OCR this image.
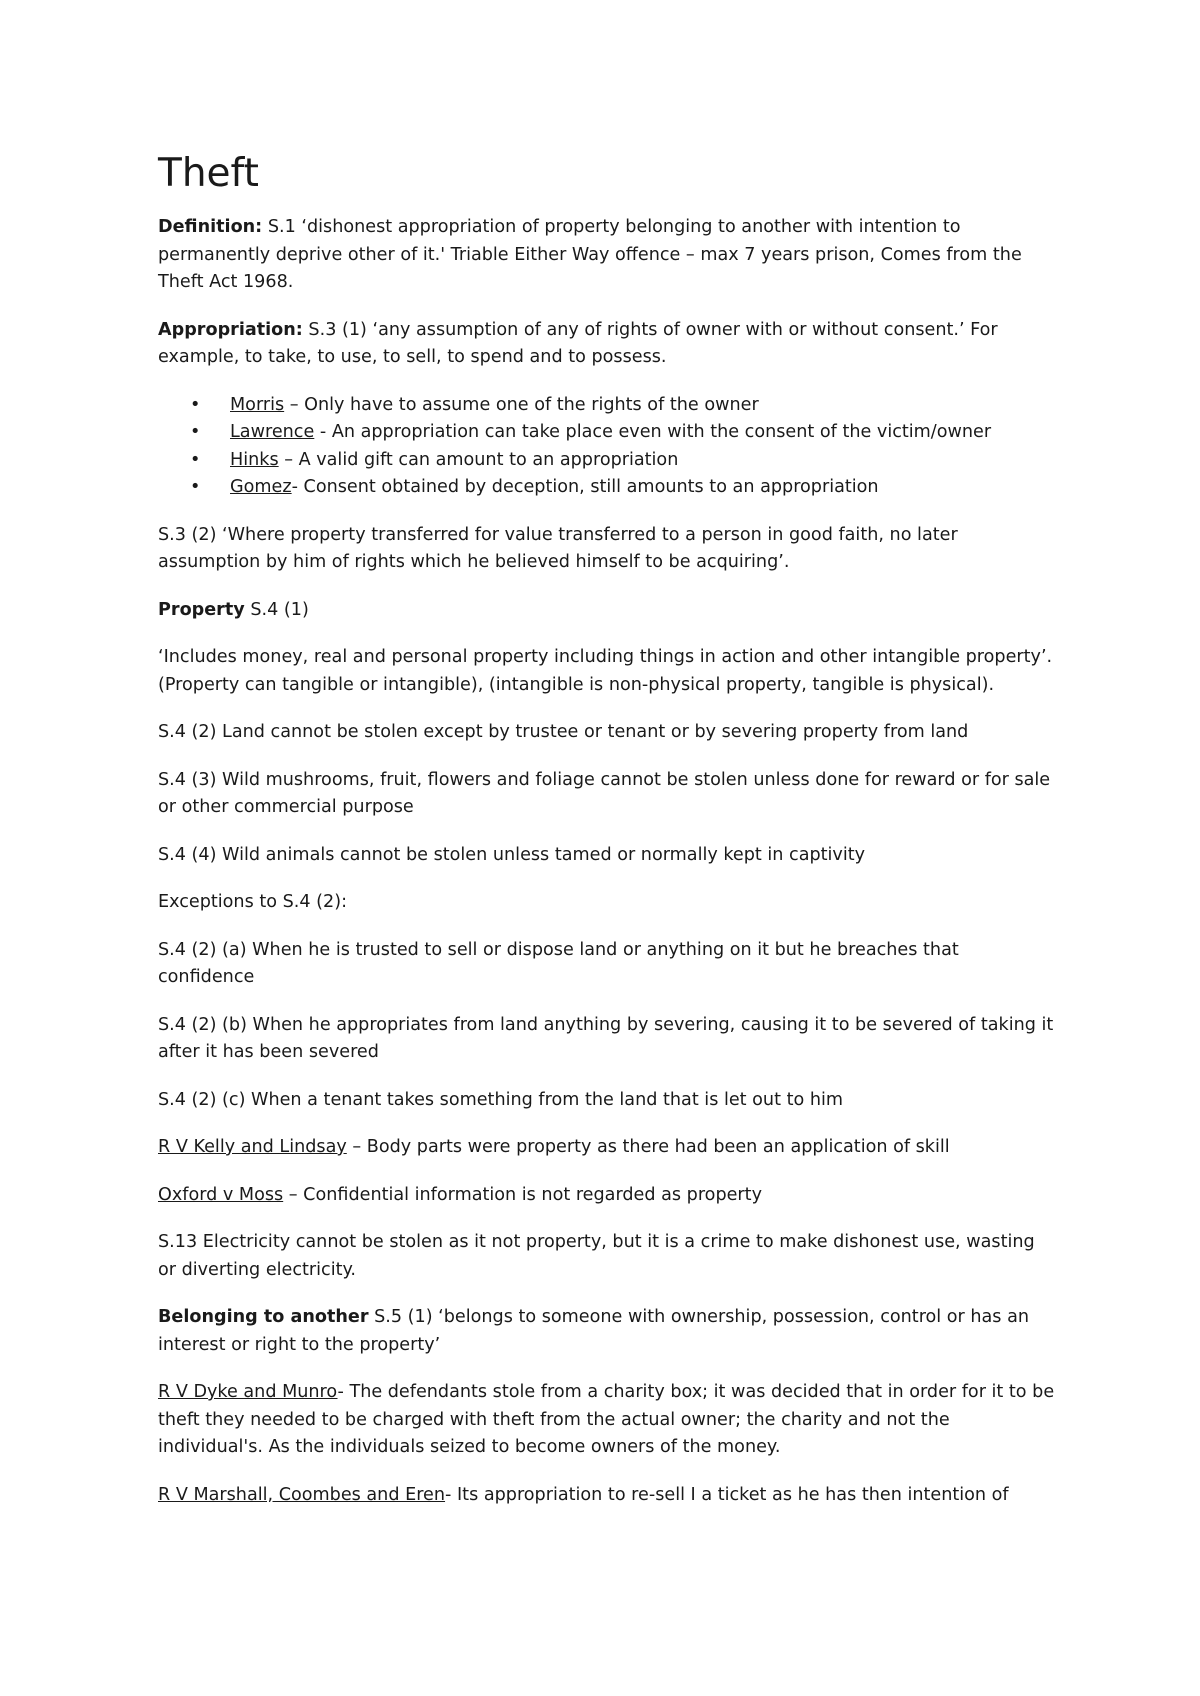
Theft

Definition: S.1 ‘dishonest appropriation of property belonging to another with intention to permanently deprive other of it.' Triable Either Way offence – max 7 years prison, Comes from the Theft Act 1968.

Appropriation: S.3 (1) ‘any assumption of any of rights of owner with or without consent.’ For example, to take, to use, to sell, to spend and to possess.

• Morris – Only have to assume one of the rights of the owner
• Lawrence - An appropriation can take place even with the consent of the victim/owner
• Hinks – A valid gift can amount to an appropriation
• Gomez- Consent obtained by deception, still amounts to an appropriation

S.3 (2) ‘Where property transferred for value transferred to a person in good faith, no later assumption by him of rights which he believed himself to be acquiring’.

Property S.4 (1)

‘Includes money, real and personal property including things in action and other intangible property’. (Property can tangible or intangible), (intangible is non-physical property, tangible is physical).

S.4 (2) Land cannot be stolen except by trustee or tenant or by severing property from land

S.4 (3) Wild mushrooms, fruit, flowers and foliage cannot be stolen unless done for reward or for sale or other commercial purpose

S.4 (4) Wild animals cannot be stolen unless tamed or normally kept in captivity

Exceptions to S.4 (2):

S.4 (2) (a) When he is trusted to sell or dispose land or anything on it but he breaches that confidence

S.4 (2) (b) When he appropriates from land anything by severing, causing it to be severed of taking it after it has been severed

S.4 (2) (c) When a tenant takes something from the land that is let out to him

R V Kelly and Lindsay – Body parts were property as there had been an application of skill

Oxford v Moss – Confidential information is not regarded as property

S.13 Electricity cannot be stolen as it not property, but it is a crime to make dishonest use, wasting or diverting electricity.

Belonging to another S.5 (1) ‘belongs to someone with ownership, possession, control or has an interest or right to the property’

R V Dyke and Munro- The defendants stole from a charity box; it was decided that in order for it to be theft they needed to be charged with theft from the actual owner; the charity and not the individual's. As the individuals seized to become owners of the money.

R V Marshall, Coombes and Eren- Its appropriation to re-sell I a ticket as he has then intention of
